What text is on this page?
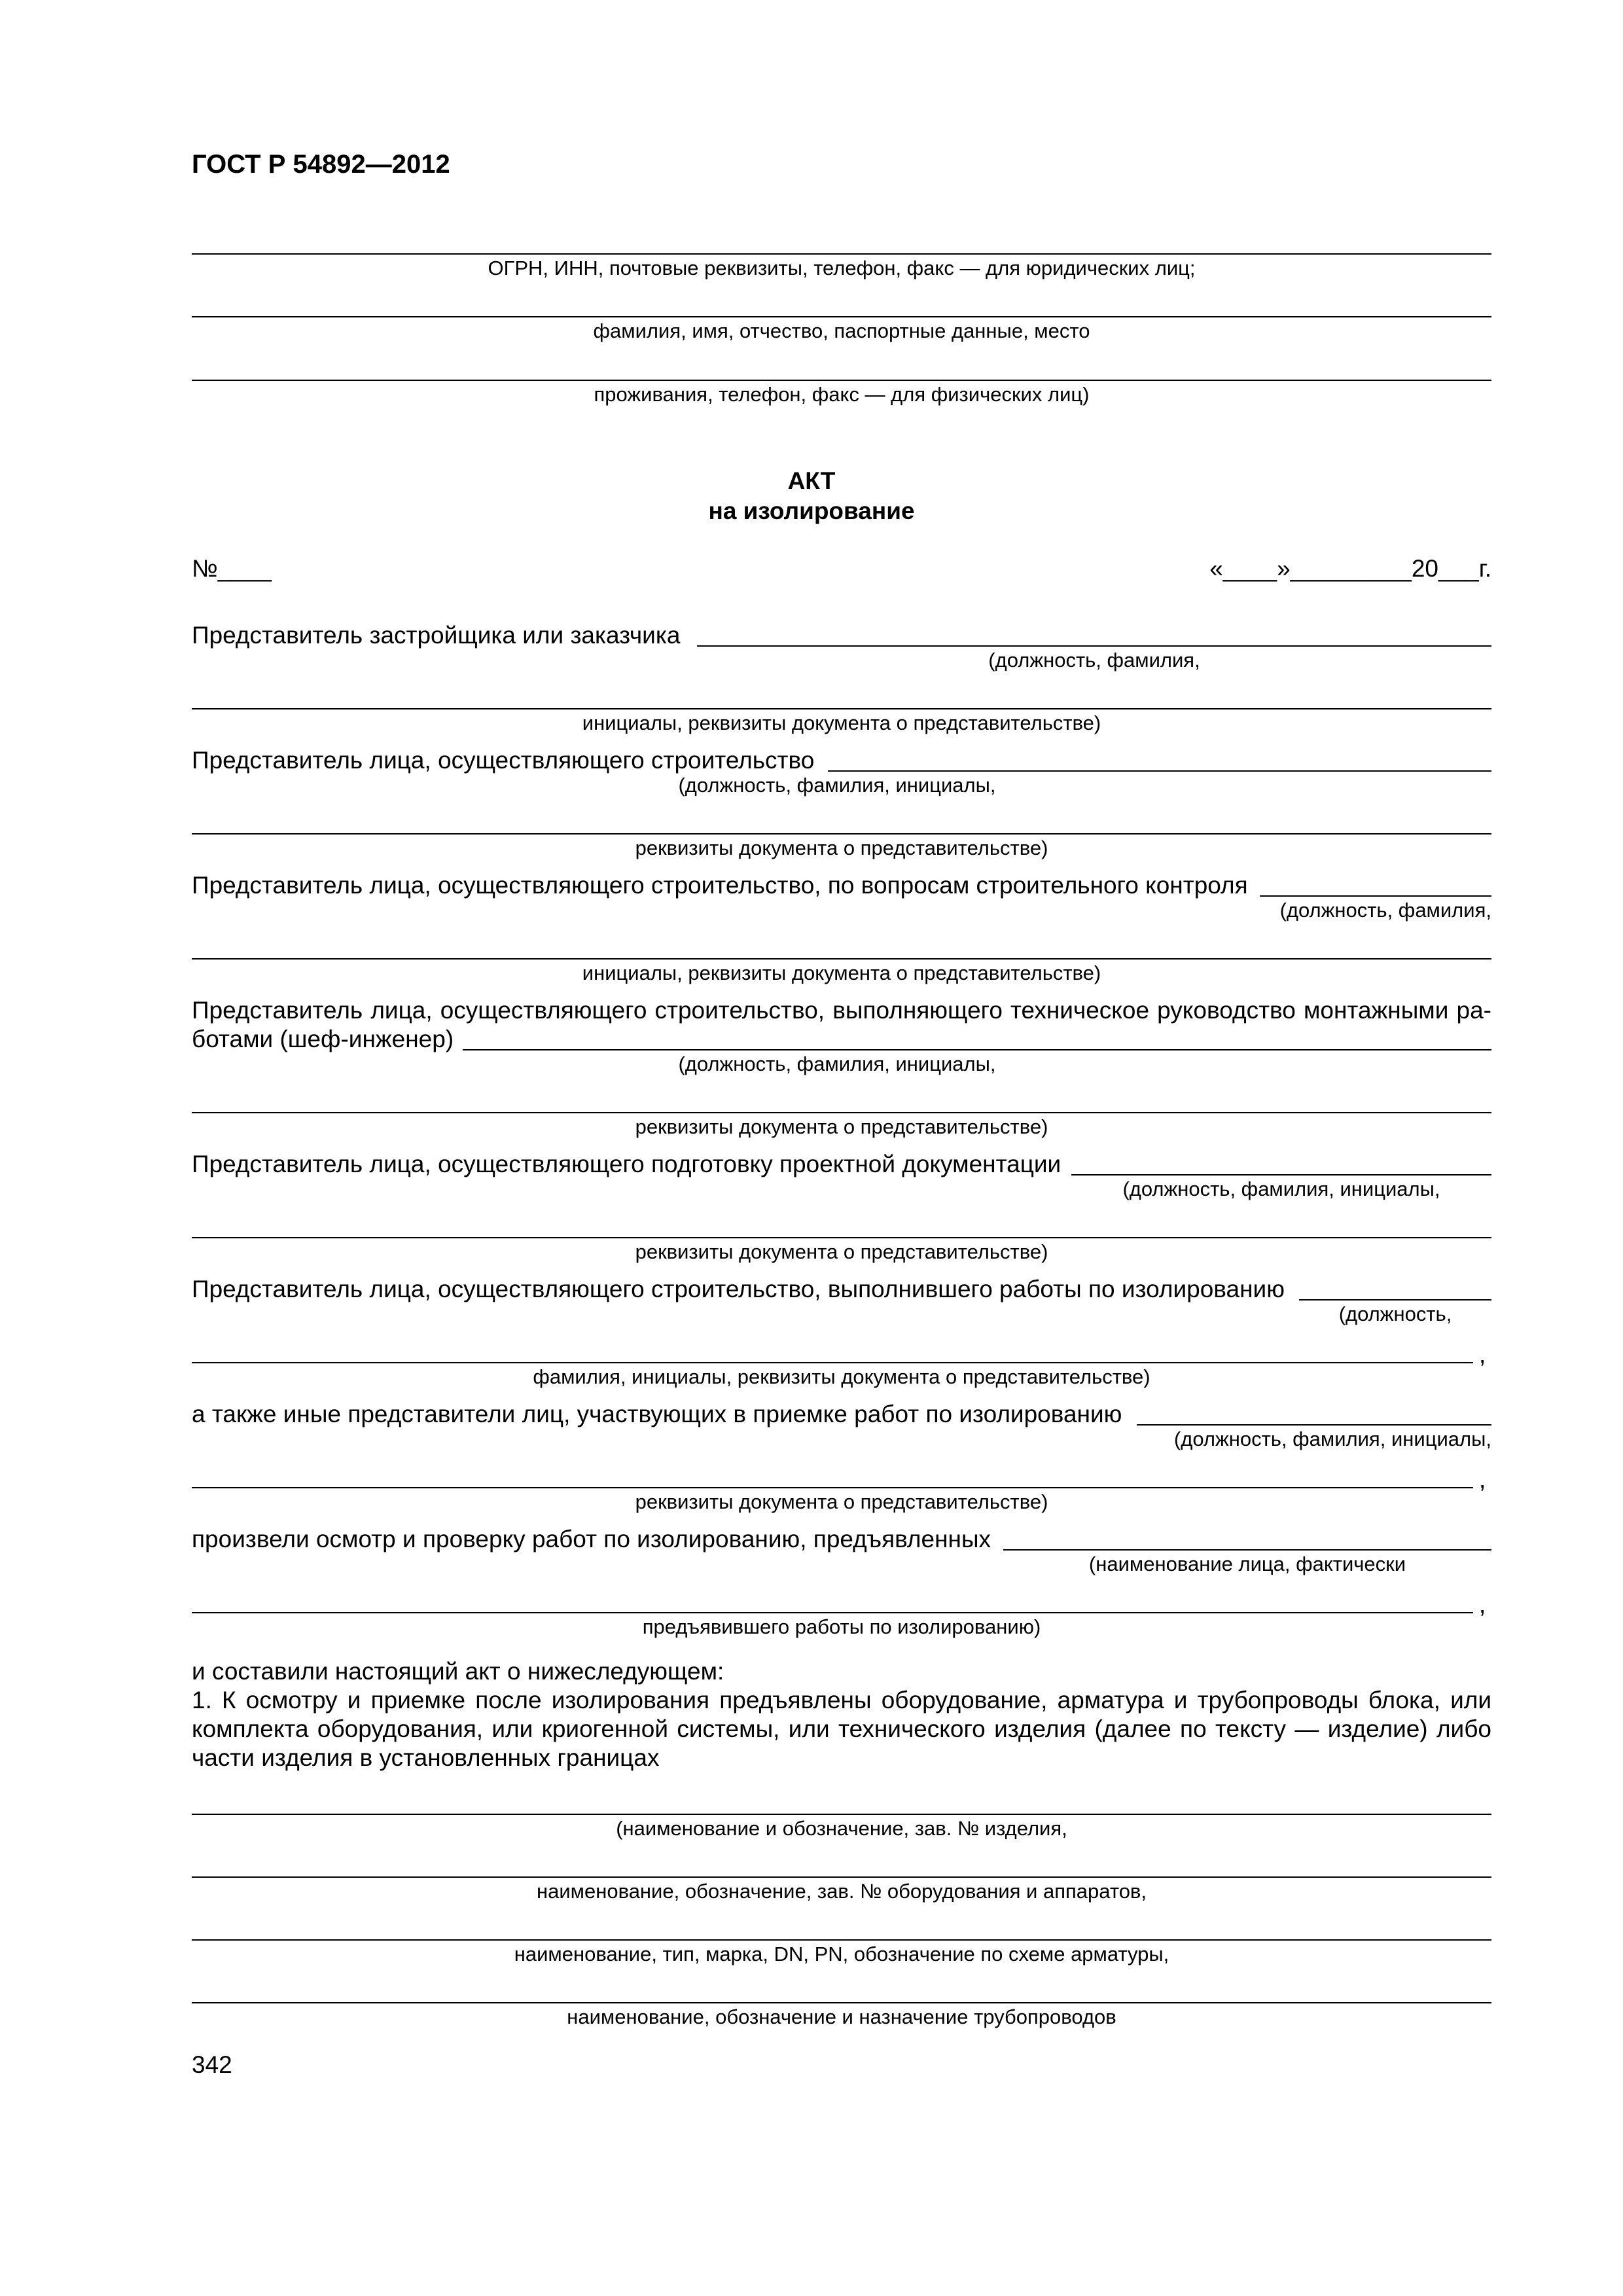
ГОСТ Р 54892—2012
ОГРН, ИНН, почтовые реквизиты, телефон, факс — для юридических лиц;
фамилия, имя, отчество, паспортные данные, место
проживания, телефон, факс — для физических лиц)
АКТ
на изолирование
№____	«____»_________20___г.
Представитель застройщика или заказчика
(должность, фамилия,
инициалы, реквизиты документа о представительстве)
Представитель лица, осуществляющего строительство
(должность, фамилия, инициалы,
реквизиты документа о представительстве)
Представитель лица, осуществляющего строительство, по вопросам строительного контроля
(должность, фамилия,
инициалы, реквизиты документа о представительстве)
Представитель лица, осуществляющего строительство, выполняющего техническое руководство монтажными ра-
ботами (шеф-инженер)
(должность, фамилия, инициалы,
реквизиты документа о представительстве)
Представитель лица, осуществляющего подготовку проектной документации
(должность, фамилия, инициалы,
реквизиты документа о представительстве)
Представитель лица, осуществляющего строительство, выполнившего работы по изолированию
(должность,
,
фамилия, инициалы, реквизиты документа о представительстве)
а также иные представители лиц, участвующих в приемке работ по изолированию
(должность, фамилия, инициалы,
,
реквизиты документа о представительстве)
произвели осмотр и проверку работ по изолированию, предъявленных
(наименование лица, фактически
,
предъявившего работы по изолированию)
и составили настоящий акт о нижеследующем:
1. К осмотру и приемке после изолирования предъявлены оборудование, арматура и трубопроводы блока, или
комплекта оборудования, или криогенной системы, или технического изделия (далее по тексту — изделие) либо
части изделия в установленных границах
(наименование и обозначение, зав. № изделия,
наименование, обозначение, зав. № оборудования и аппаратов,
наименование, тип, марка, DN, PN, обозначение по схеме арматуры,
наименование, обозначение и назначение трубопроводов
342
